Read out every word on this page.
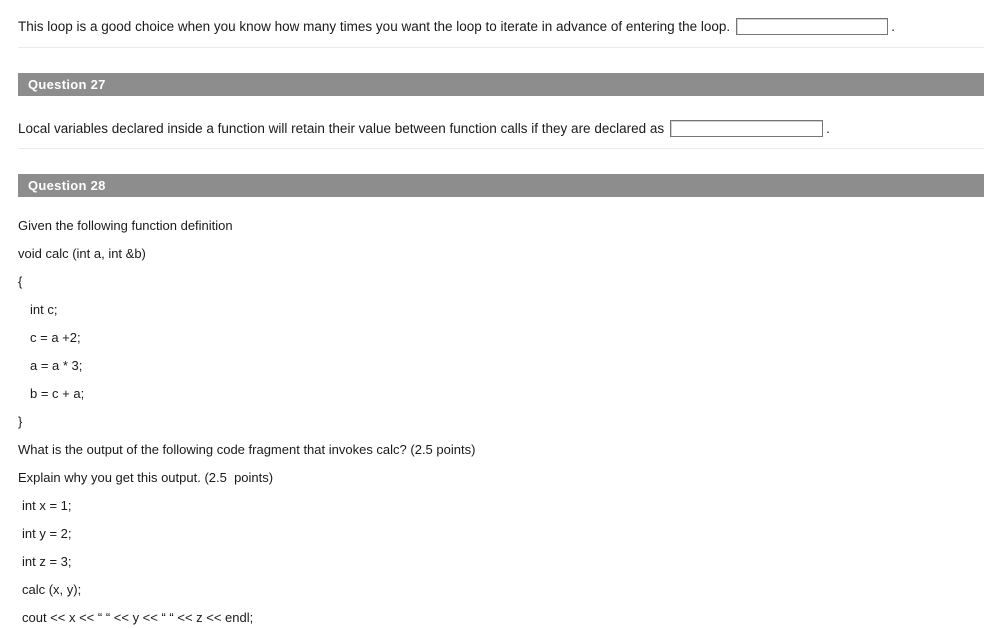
This loop is a good choice when you know how many times you want the loop to iterate in advance of entering the loop.	.
Question 27
Local variables declared inside a function will retain their value between function calls if they are declared as	.
Question 28
Given the following function definition
void calc (int a, int &b)
{
int c;
c = a +2;
a = a * 3;
b = c + a;
}
What is the output of the following code fragment that invokes calc? (2.5 points)
Explain why you get this output. (2.5  points)
int x = 1;
int y = 2;
int z = 3;
calc (x, y);
cout << x << “ “ << y << “ “ << z << endl;
